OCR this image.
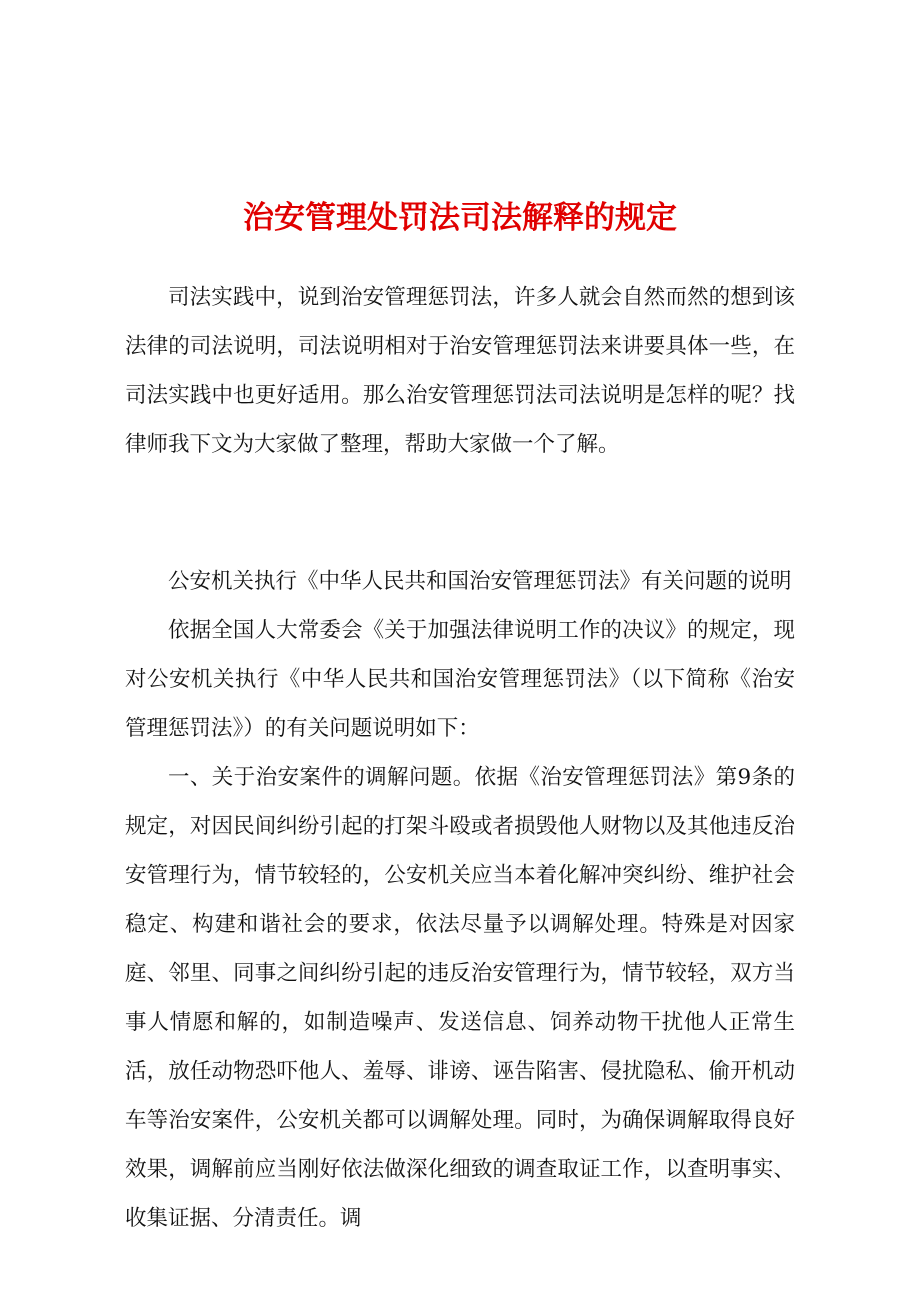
治安管理处罚法司法解释的规定

司法实践中，说到治安管理惩罚法，许多人就会自然而然的想到该法律的司法说明，司法说明相对于治安管理惩罚法来讲要具体一些，在司法实践中也更好适用。那么治安管理惩罚法司法说明是怎样的呢？找律师我下文为大家做了整理，帮助大家做一个了解。

公安机关执行《中华人民共和国治安管理惩罚法》有关问题的说明

依据全国人大常委会《关于加强法律说明工作的决议》的规定，现对公安机关执行《中华人民共和国治安管理惩罚法》（以下简称《治安管理惩罚法》）的有关问题说明如下：

一、关于治安案件的调解问题。依据《治安管理惩罚法》第9条的规定，对因民间纠纷引起的打架斗殴或者损毁他人财物以及其他违反治安管理行为，情节较轻的，公安机关应当本着化解冲突纠纷、维护社会稳定、构建和谐社会的要求，依法尽量予以调解处理。特殊是对因家庭、邻里、同事之间纠纷引起的违反治安管理行为，情节较轻，双方当事人情愿和解的，如制造噪声、发送信息、饲养动物干扰他人正常生活，放任动物恐吓他人、羞辱、诽谤、诬告陷害、侵扰隐私、偷开机动车等治安案件，公安机关都可以调解处理。同时，为确保调解取得良好效果，调解前应当刚好依法做深化细致的调查取证工作，以查明事实、收集证据、分清责任。调
